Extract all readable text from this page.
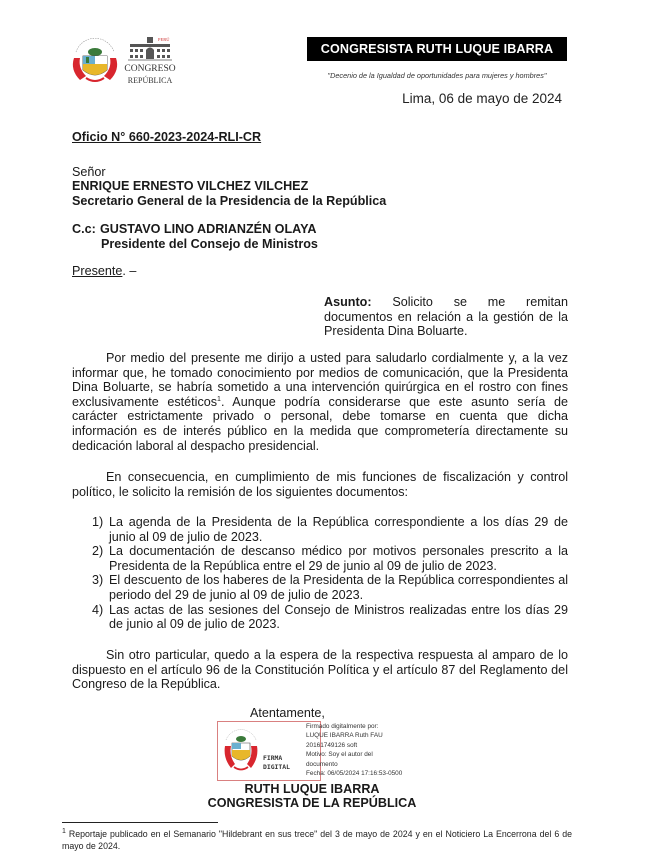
PERÚ
CONGRESO
REPÚBLICA
CONGRESISTA RUTH LUQUE IBARRA
"Decenio de la Igualdad de oportunidades para mujeres y hombres"
Lima, 06 de mayo de 2024
Oficio N° 660-2023-2024-RLI-CR
Señor
ENRIQUE ERNESTO VILCHEZ VILCHEZ
Secretario General de la Presidencia de la República
C.c: GUSTAVO LINO ADRIANZÉN OLAYA
Presidente del Consejo de Ministros
Presente. –
Asunto: Solicito se me remitan documentos en relación a la gestión de la Presidenta Dina Boluarte.
Por medio del presente me dirijo a usted para saludarlo cordialmente y, a la vez informar que, he tomado conocimiento por medios de comunicación, que la Presidenta Dina Boluarte, se habría sometido a una intervención quirúrgica en el rostro con fines exclusivamente estéticos$^1$. Aunque podría considerarse que este asunto sería de carácter estrictamente privado o personal, debe tomarse en cuenta que dicha información es de interés público en la medida que comprometería directamente su dedicación laboral al despacho presidencial.
En consecuencia, en cumplimiento de mis funciones de fiscalización y control político, le solicito la remisión de los siguientes documentos:
1) La agenda de la Presidenta de la República correspondiente a los días 29 de junio al 09 de julio de 2023.
2) La documentación de descanso médico por motivos personales prescrito a la Presidenta de la República entre el 29 de junio al 09 de julio de 2023.
3) El descuento de los haberes de la Presidenta de la República correspondientes al periodo del 29 de junio al 09 de julio de 2023.
4) Las actas de las sesiones del Consejo de Ministros realizadas entre los días 29 de junio al 09 de julio de 2023.
Sin otro particular, quedo a la espera de la respectiva respuesta al amparo de lo dispuesto en el artículo 96 de la Constitución Política y el artículo 87 del Reglamento del Congreso de la República.
Atentamente,
FIRMA
DIGITAL
Firmado digitalmente por:
LUQUE IBARRA Ruth FAU
20161749126 soft
Motivo: Soy el autor del
documento
Fecha: 06/05/2024 17:16:53-0500
RUTH LUQUE IBARRA
CONGRESISTA DE LA REPÚBLICA
$^1$ Reportaje publicado en el Semanario "Hildebrant en sus trece" del 3 de mayo de 2024 y en el Noticiero La Encerrona del 6 de mayo de 2024.
